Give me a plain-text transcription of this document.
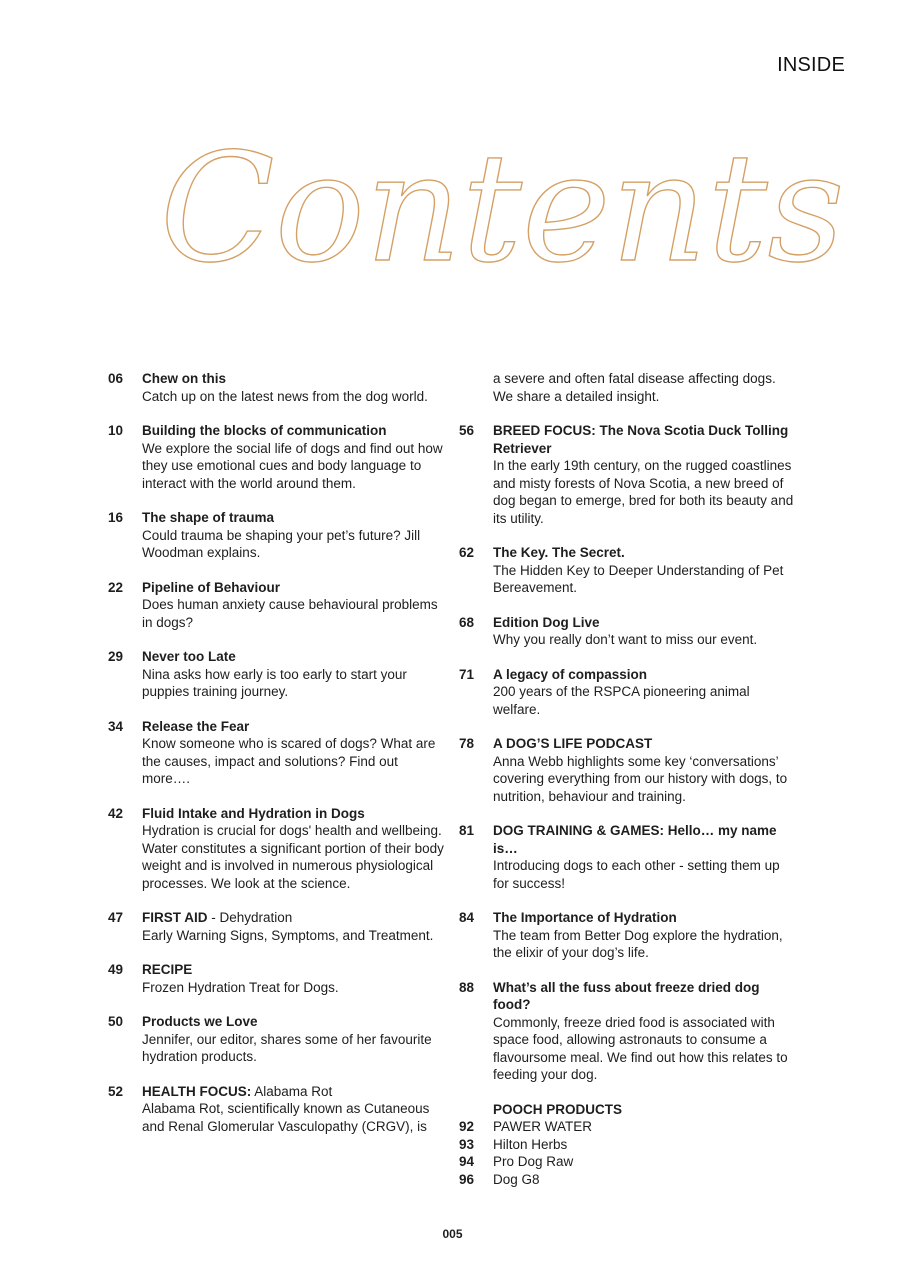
INSIDE
Contents
06	Chew on this
Catch up on the latest news from the dog world.
10	Building the blocks of communication
We explore the social life of dogs and find out how they use emotional cues and body language to interact with the world around them.
16	The shape of trauma
Could trauma be shaping your pet’s future? Jill Woodman explains.
22	Pipeline of Behaviour
Does human anxiety cause behavioural problems in dogs?
29	Never too Late
Nina asks how early is too early to start your puppies training journey.
34	Release the Fear
Know someone who is scared of dogs? What are the causes, impact and solutions? Find out more….
42	Fluid Intake and Hydration in Dogs
Hydration is crucial for dogs' health and wellbeing. Water constitutes a significant portion of their body weight and is involved in numerous physiological processes. We look at the science.
47	FIRST AID - Dehydration
Early Warning Signs, Symptoms, and Treatment.
49	RECIPE
Frozen Hydration Treat for Dogs.
50	Products we Love
Jennifer, our editor, shares some of her favourite hydration products.
52	HEALTH FOCUS: Alabama Rot
Alabama Rot, scientifically known as Cutaneous and Renal Glomerular Vasculopathy (CRGV), is
a severe and often fatal disease affecting dogs. We share a detailed insight.
56	BREED FOCUS: The Nova Scotia Duck Tolling Retriever
In the early 19th century, on the rugged coastlines and misty forests of Nova Scotia, a new breed of dog began to emerge, bred for both its beauty and its utility.
62	The Key. The Secret.
The Hidden Key to Deeper Understanding of Pet Bereavement.
68	Edition Dog Live
Why you really don’t want to miss our event.
71	A legacy of compassion
200 years of the RSPCA pioneering animal welfare.
78	A DOG’S LIFE PODCAST
Anna Webb highlights some key ‘conversations’ covering everything from our history with dogs, to nutrition, behaviour and training.
81	DOG TRAINING & GAMES: Hello… my name is…
Introducing dogs to each other - setting them up for success!
84	The Importance of Hydration
The team from Better Dog explore the hydration, the elixir of your dog’s life.
88	What’s all the fuss about freeze dried dog food?
Commonly, freeze dried food is associated with space food, allowing astronauts to consume a flavoursome meal. We find out how this relates to feeding your dog.
POOCH PRODUCTS
92	PAWER WATER
93	Hilton Herbs
94	Pro Dog Raw
96	Dog G8
005
